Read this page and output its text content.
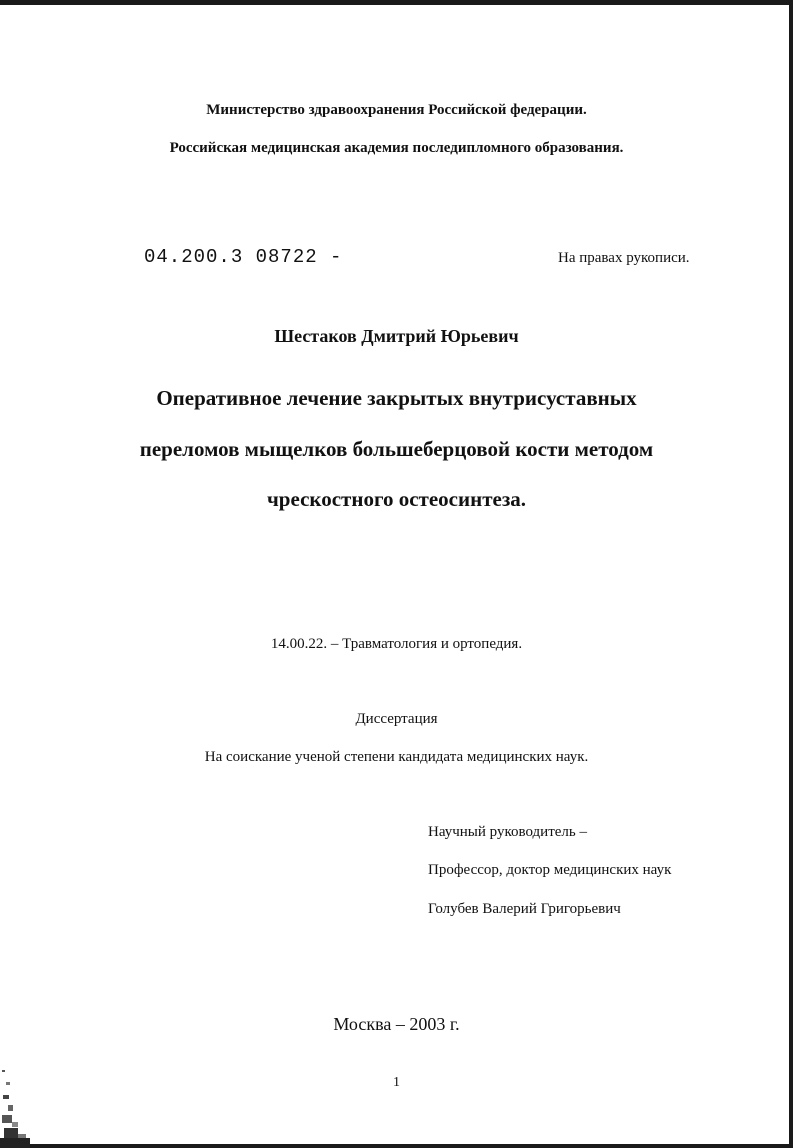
Министерство здравоохранения Российской федерации.
Российская медицинская академия последипломного образования.
04.200.3 08722 -	На правах рукописи.
Шестаков Дмитрий Юрьевич
Оперативное лечение закрытых внутрисуставных
переломов мыщелков большеберцовой кости методом
чрескостного остеосинтеза.
14.00.22. – Травматология и ортопедия.
Диссертация
На соискание ученой степени кандидата медицинских наук.
Научный руководитель –
Профессор, доктор медицинских наук
Голубев Валерий Григорьевич
Москва – 2003 г.
1
